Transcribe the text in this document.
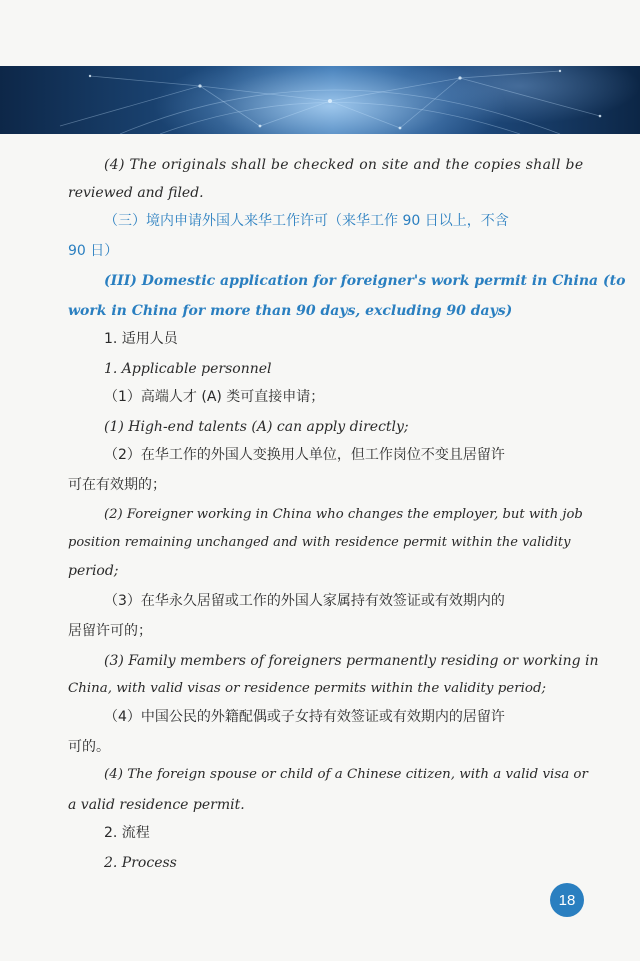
(4) The originals shall be checked on site and the copies shall be
reviewed and filed.
（三）境内申请外国人来华工作许可（来华工作 90 日以上，不含
90 日）
(III) Domestic application for foreigner's work permit in China (to
work in China for more than 90 days, excluding 90 days)
1. 适用人员
1. Applicable personnel
（1）高端人才 (A) 类可直接申请；
(1) High-end talents (A) can apply directly;
（2）在华工作的外国人变换用人单位，但工作岗位不变且居留许
可在有效期的；
(2) Foreigner working in China who changes the employer, but with job
position remaining unchanged and with residence permit within the validity
period;
（3）在华永久居留或工作的外国人家属持有效签证或有效期内的
居留许可的；
(3) Family members of foreigners permanently residing or working in
China, with valid visas or residence permits within the validity period;
（4）中国公民的外籍配偶或子女持有效签证或有效期内的居留许
可的。
(4) The foreign spouse or child of a Chinese citizen, with a valid visa or
a valid residence permit.
2. 流程
2. Process
18
